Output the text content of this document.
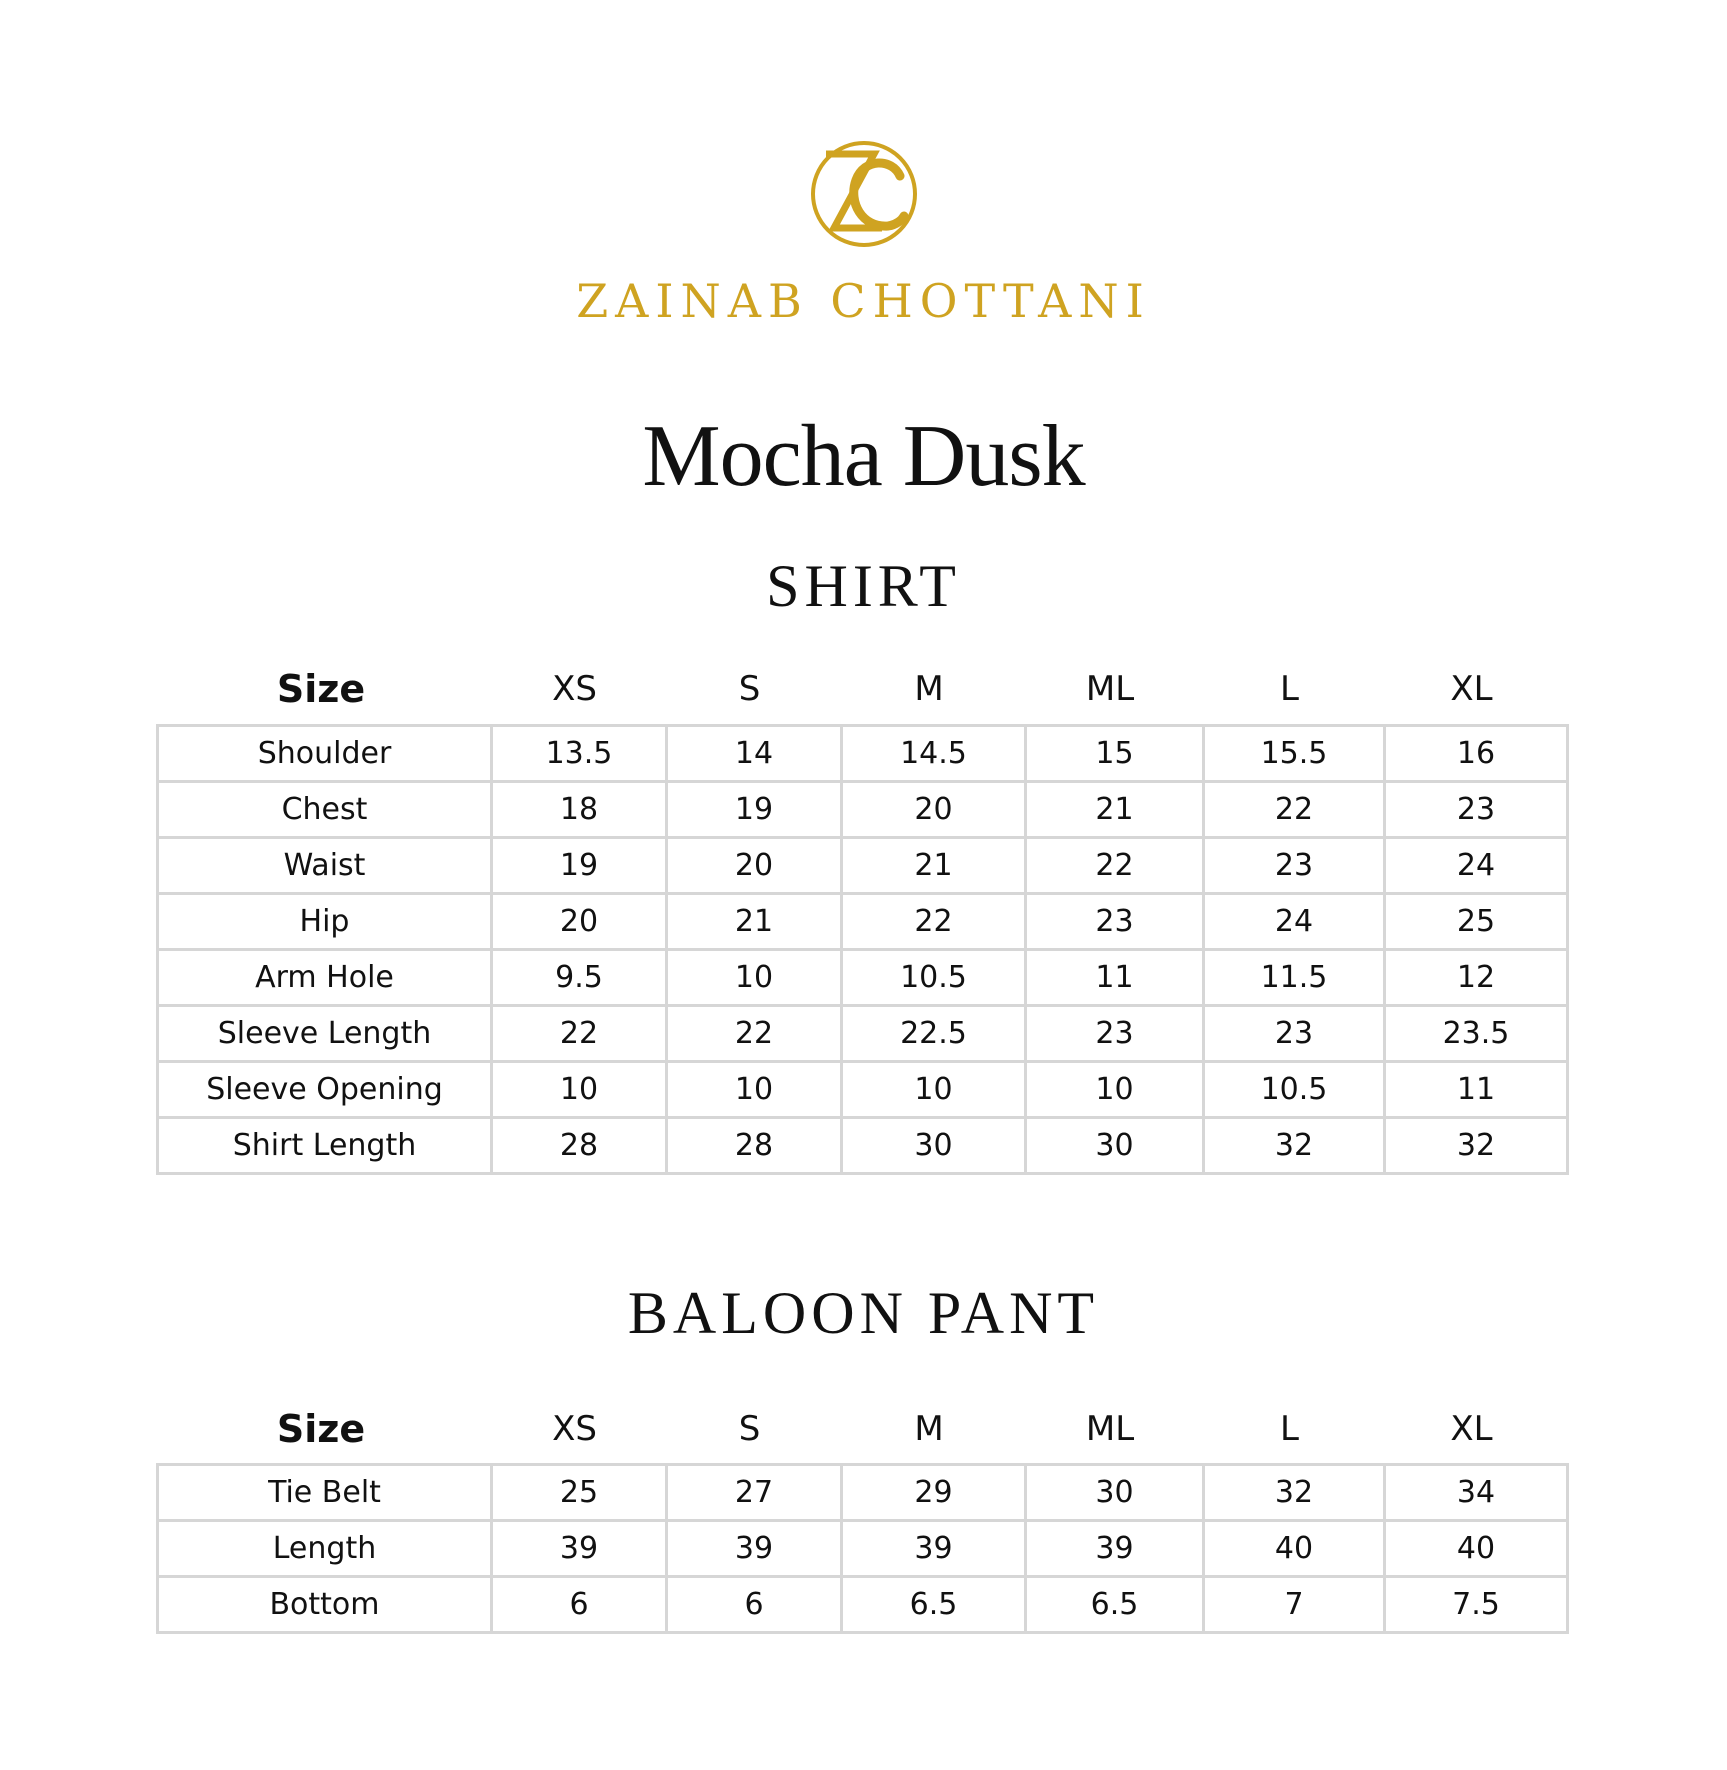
ZAINAB CHOTTANI
Mocha Dusk
SHIRT
Size	XS	S	M	ML	L	XL
Shoulder	13.5	14	14.5	15	15.5	16
Chest	18	19	20	21	22	23
Waist	19	20	21	22	23	24
Hip	20	21	22	23	24	25
Arm Hole	9.5	10	10.5	11	11.5	12
Sleeve Length	22	22	22.5	23	23	23.5
Sleeve Opening	10	10	10	10	10.5	11
Shirt Length	28	28	30	30	32	32
BALOON PANT
Size	XS	S	M	ML	L	XL
Tie Belt	25	27	29	30	32	34
Length	39	39	39	39	40	40
Bottom	6	6	6.5	6.5	7	7.5
